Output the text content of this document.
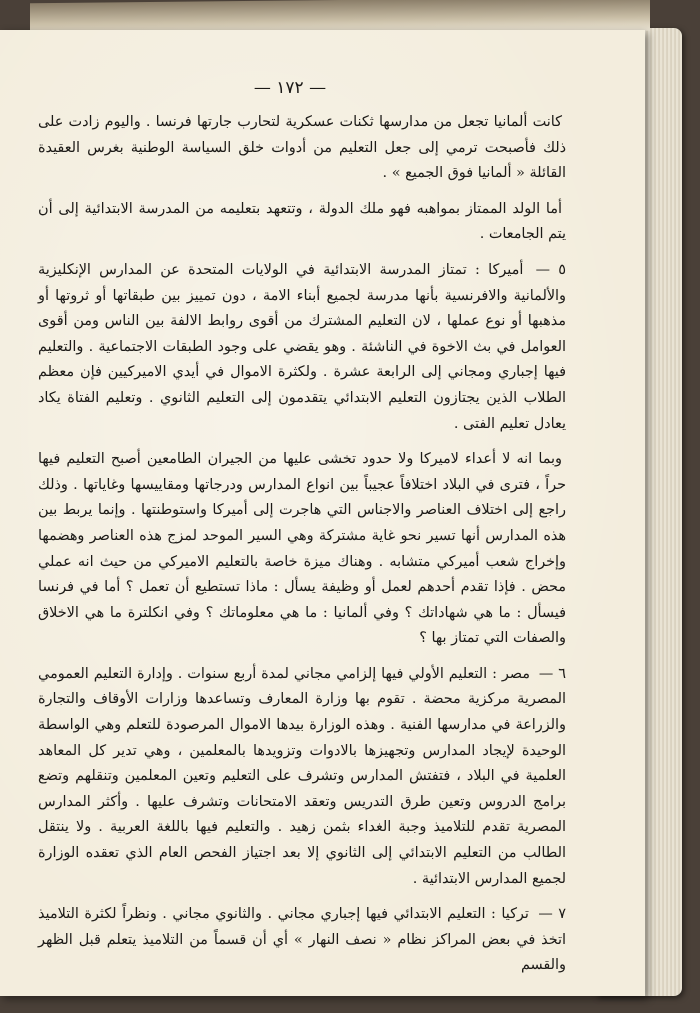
— ١٧٢ —

كانت ألمانيا تجعل من مدارسها ثكنات عسكرية لتحارب جارتها فرنسا . واليوم زادت على ذلك فأصبحت ترمي إلى جعل التعليم من أدوات خلق السياسة الوطنية بغرس العقيدة القائلة « ألمانيا فوق الجميع » .

أما الولد الممتاز بمواهبه فهو ملك الدولة ، وتتعهد بتعليمه من المدرسة الابتدائية إلى أن يتم الجامعات .

٥ — أميركا : تمتاز المدرسة الابتدائية في الولايات المتحدة عن المدارس الإنكليزية والألمانية والافرنسية بأنها مدرسة لجميع أبناء الامة ، دون تمييز بين طبقاتها أو ثروتها أو مذهبها أو نوع عملها ، لان التعليم المشترك من أقوى روابط الالفة بين الناس ومن أقوى العوامل في بث الاخوة في الناشئة . وهو يقضي على وجود الطبقات الاجتماعية . والتعليم فيها إجباري ومجاني إلى الرابعة عشرة . ولكثرة الاموال في أيدي الاميركيين فإن معظم الطلاب الذين يجتازون التعليم الابتدائي يتقدمون إلى التعليم الثانوي . وتعليم الفتاة يكاد يعادل تعليم الفتى .

وبما انه لا أعداء لاميركا ولا حدود تخشى عليها من الجيران الطامعين أصبح التعليم فيها حراً ، فترى في البلاد اختلافاً عجيباً بين انواع المدارس ودرجاتها ومقاييسها وغاياتها . وذلك راجع إلى اختلاف العناصر والاجناس التي هاجرت إلى أميركا واستوطنتها . وإنما يربط بين هذه المدارس أنها تسير نحو غاية مشتركة وهي السير الموحد لمزج هذه العناصر وهضمها وإخراج شعب أميركي متشابه . وهناك ميزة خاصة بالتعليم الاميركي من حيث انه عملي محض . فإذا تقدم أحدهم لعمل أو وظيفة يسأل : ماذا تستطيع أن تعمل ؟ أما في فرنسا فيسأل : ما هي شهاداتك ؟ وفي ألمانيا : ما هي معلوماتك ؟ وفي انكلترة ما هي الاخلاق والصفات التي تمتاز بها ؟

٦ — مصر : التعليم الأولي فيها إلزامي مجاني لمدة أربع سنوات . وإدارة التعليم العمومي المصرية مركزية محضة . تقوم بها وزارة المعارف وتساعدها وزارات الأوقاف والتجارة والزراعة في مدارسها الفنية . وهذه الوزارة بيدها الاموال المرصودة للتعلم وهي الواسطة الوحيدة لإيجاد المدارس وتجهيزها بالادوات وتزويدها بالمعلمين ، وهي تدير كل المعاهد العلمية في البلاد ، فتفتش المدارس وتشرف على التعليم وتعين المعلمين وتنقلهم وتضع برامج الدروس وتعين طرق التدريس وتعقد الامتحانات وتشرف عليها . وأكثر المدارس المصرية تقدم للتلاميذ وجبة الغداء بثمن زهيد . والتعليم فيها باللغة العربية . ولا ينتقل الطالب من التعليم الابتدائي إلى الثانوي إلا بعد اجتياز الفحص العام الذي تعقده الوزارة لجميع المدارس الابتدائية .

٧ — تركيا : التعليم الابتدائي فيها إجباري مجاني . والثانوي مجاني . ونظراً لكثرة التلاميذ اتخذ في بعض المراكز نظام « نصف النهار » أي أن قسماً من التلاميذ يتعلم قبل الظهر والقسم
